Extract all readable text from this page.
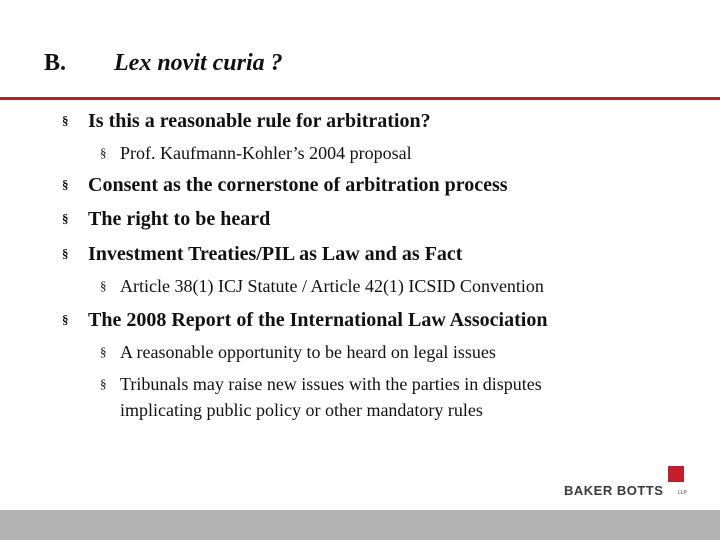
B. Lex novit curia ?
§ Is this a reasonable rule for arbitration?
§ Prof. Kaufmann-Kohler’s 2004 proposal
§ Consent as the cornerstone of arbitration process
§ The right to be heard
§ Investment Treaties/PIL as Law and as Fact
§ Article 38(1) ICJ Statute / Article 42(1) ICSID Convention
§ The 2008 Report of the International Law Association
§ A reasonable opportunity to be heard on legal issues
§ Tribunals may raise new issues with the parties in disputes
implicating public policy or other mandatory rules
BAKER BOTTS	LLP
